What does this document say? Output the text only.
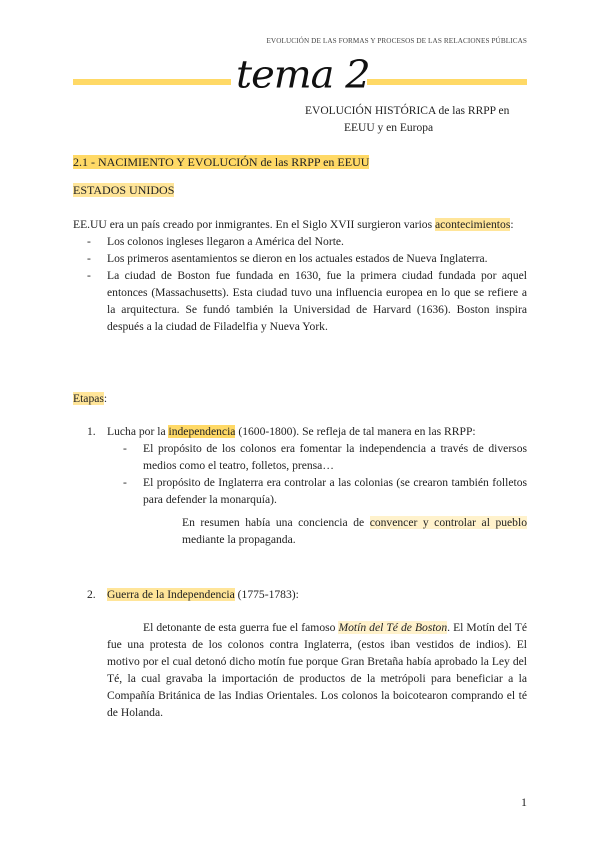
EVOLUCIÓN DE LAS FORMAS Y PROCESOS DE LAS RELACIONES PÚBLICAS
tema 2
EVOLUCIÓN HISTÓRICA de las RRPP en
EEUU y en Europa
2.1 - NACIMIENTO Y EVOLUCIÓN de las RRPP en EEUU
ESTADOS UNIDOS
EE.UU era un país creado por inmigrantes. En el Siglo XVII surgieron varios acontecimientos:
- Los colonos ingleses llegaron a América del Norte.
- Los primeros asentamientos se dieron en los actuales estados de Nueva Inglaterra.
- La ciudad de Boston fue fundada en 1630, fue la primera ciudad fundada por aquel entonces (Massachusetts). Esta ciudad tuvo una influencia europea en lo que se refiere a la arquitectura. Se fundó también la Universidad de Harvard (1636). Boston inspira después a la ciudad de Filadelfia y Nueva York.
Etapas:
1. Lucha por la independencia (1600-1800). Se refleja de tal manera en las RRPP:
- El propósito de los colonos era fomentar la independencia a través de diversos medios como el teatro, folletos, prensa…
- El propósito de Inglaterra era controlar a las colonias (se crearon también folletos para defender la monarquía).
En resumen había una conciencia de convencer y controlar al pueblo mediante la propaganda.
2. Guerra de la Independencia (1775-1783):
El detonante de esta guerra fue el famoso Motín del Té de Boston. El Motín del Té fue una protesta de los colonos contra Inglaterra, (estos iban vestidos de indios). El motivo por el cual detonó dicho motín fue porque Gran Bretaña había aprobado la Ley del Té, la cual gravaba la importación de productos de la metrópoli para beneficiar a la Compañía Británica de las Indias Orientales. Los colonos la boicotearon comprando el té de Holanda.
1
